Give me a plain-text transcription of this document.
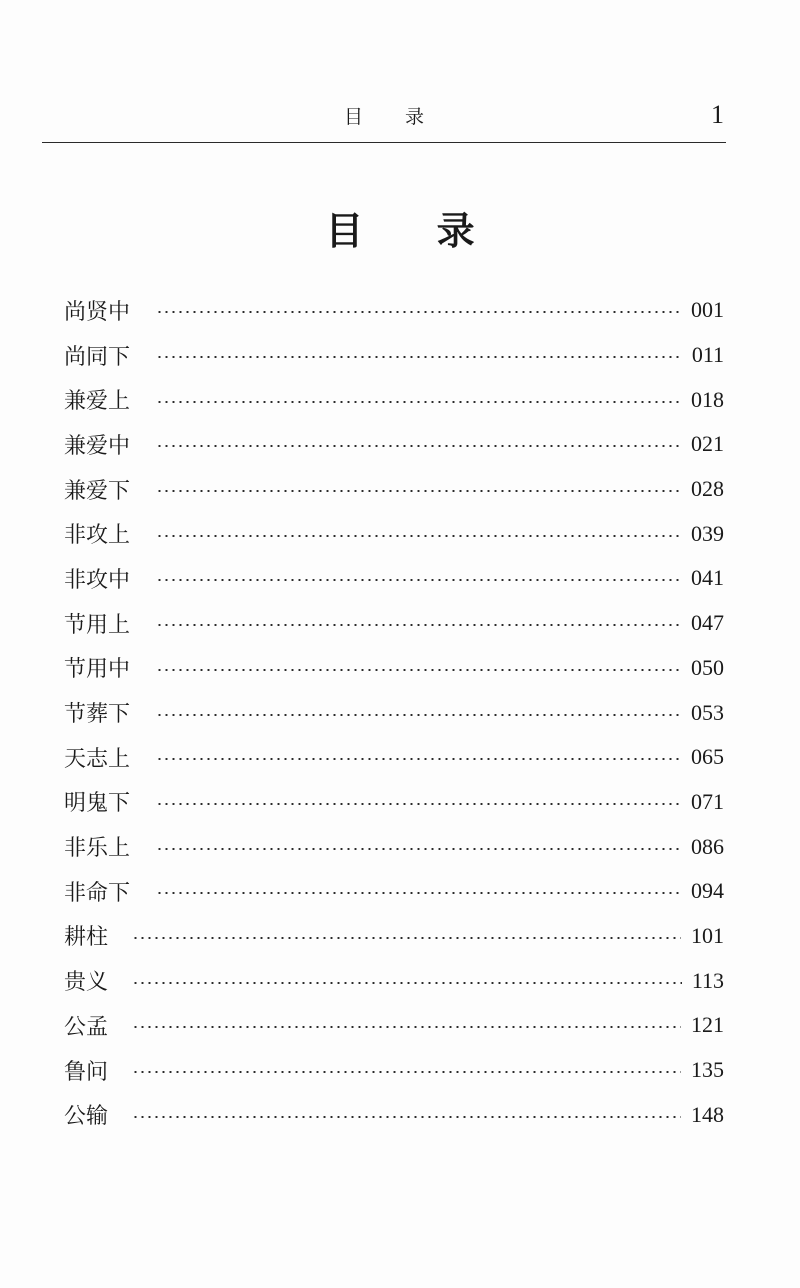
目 录	1
目 录
尚贤中	001
尚同下	011
兼爱上	018
兼爱中	021
兼爱下	028
非攻上	039
非攻中	041
节用上	047
节用中	050
节葬下	053
天志上	065
明鬼下	071
非乐上	086
非命下	094
耕柱	101
贵义	113
公孟	121
鲁问	135
公输	148
